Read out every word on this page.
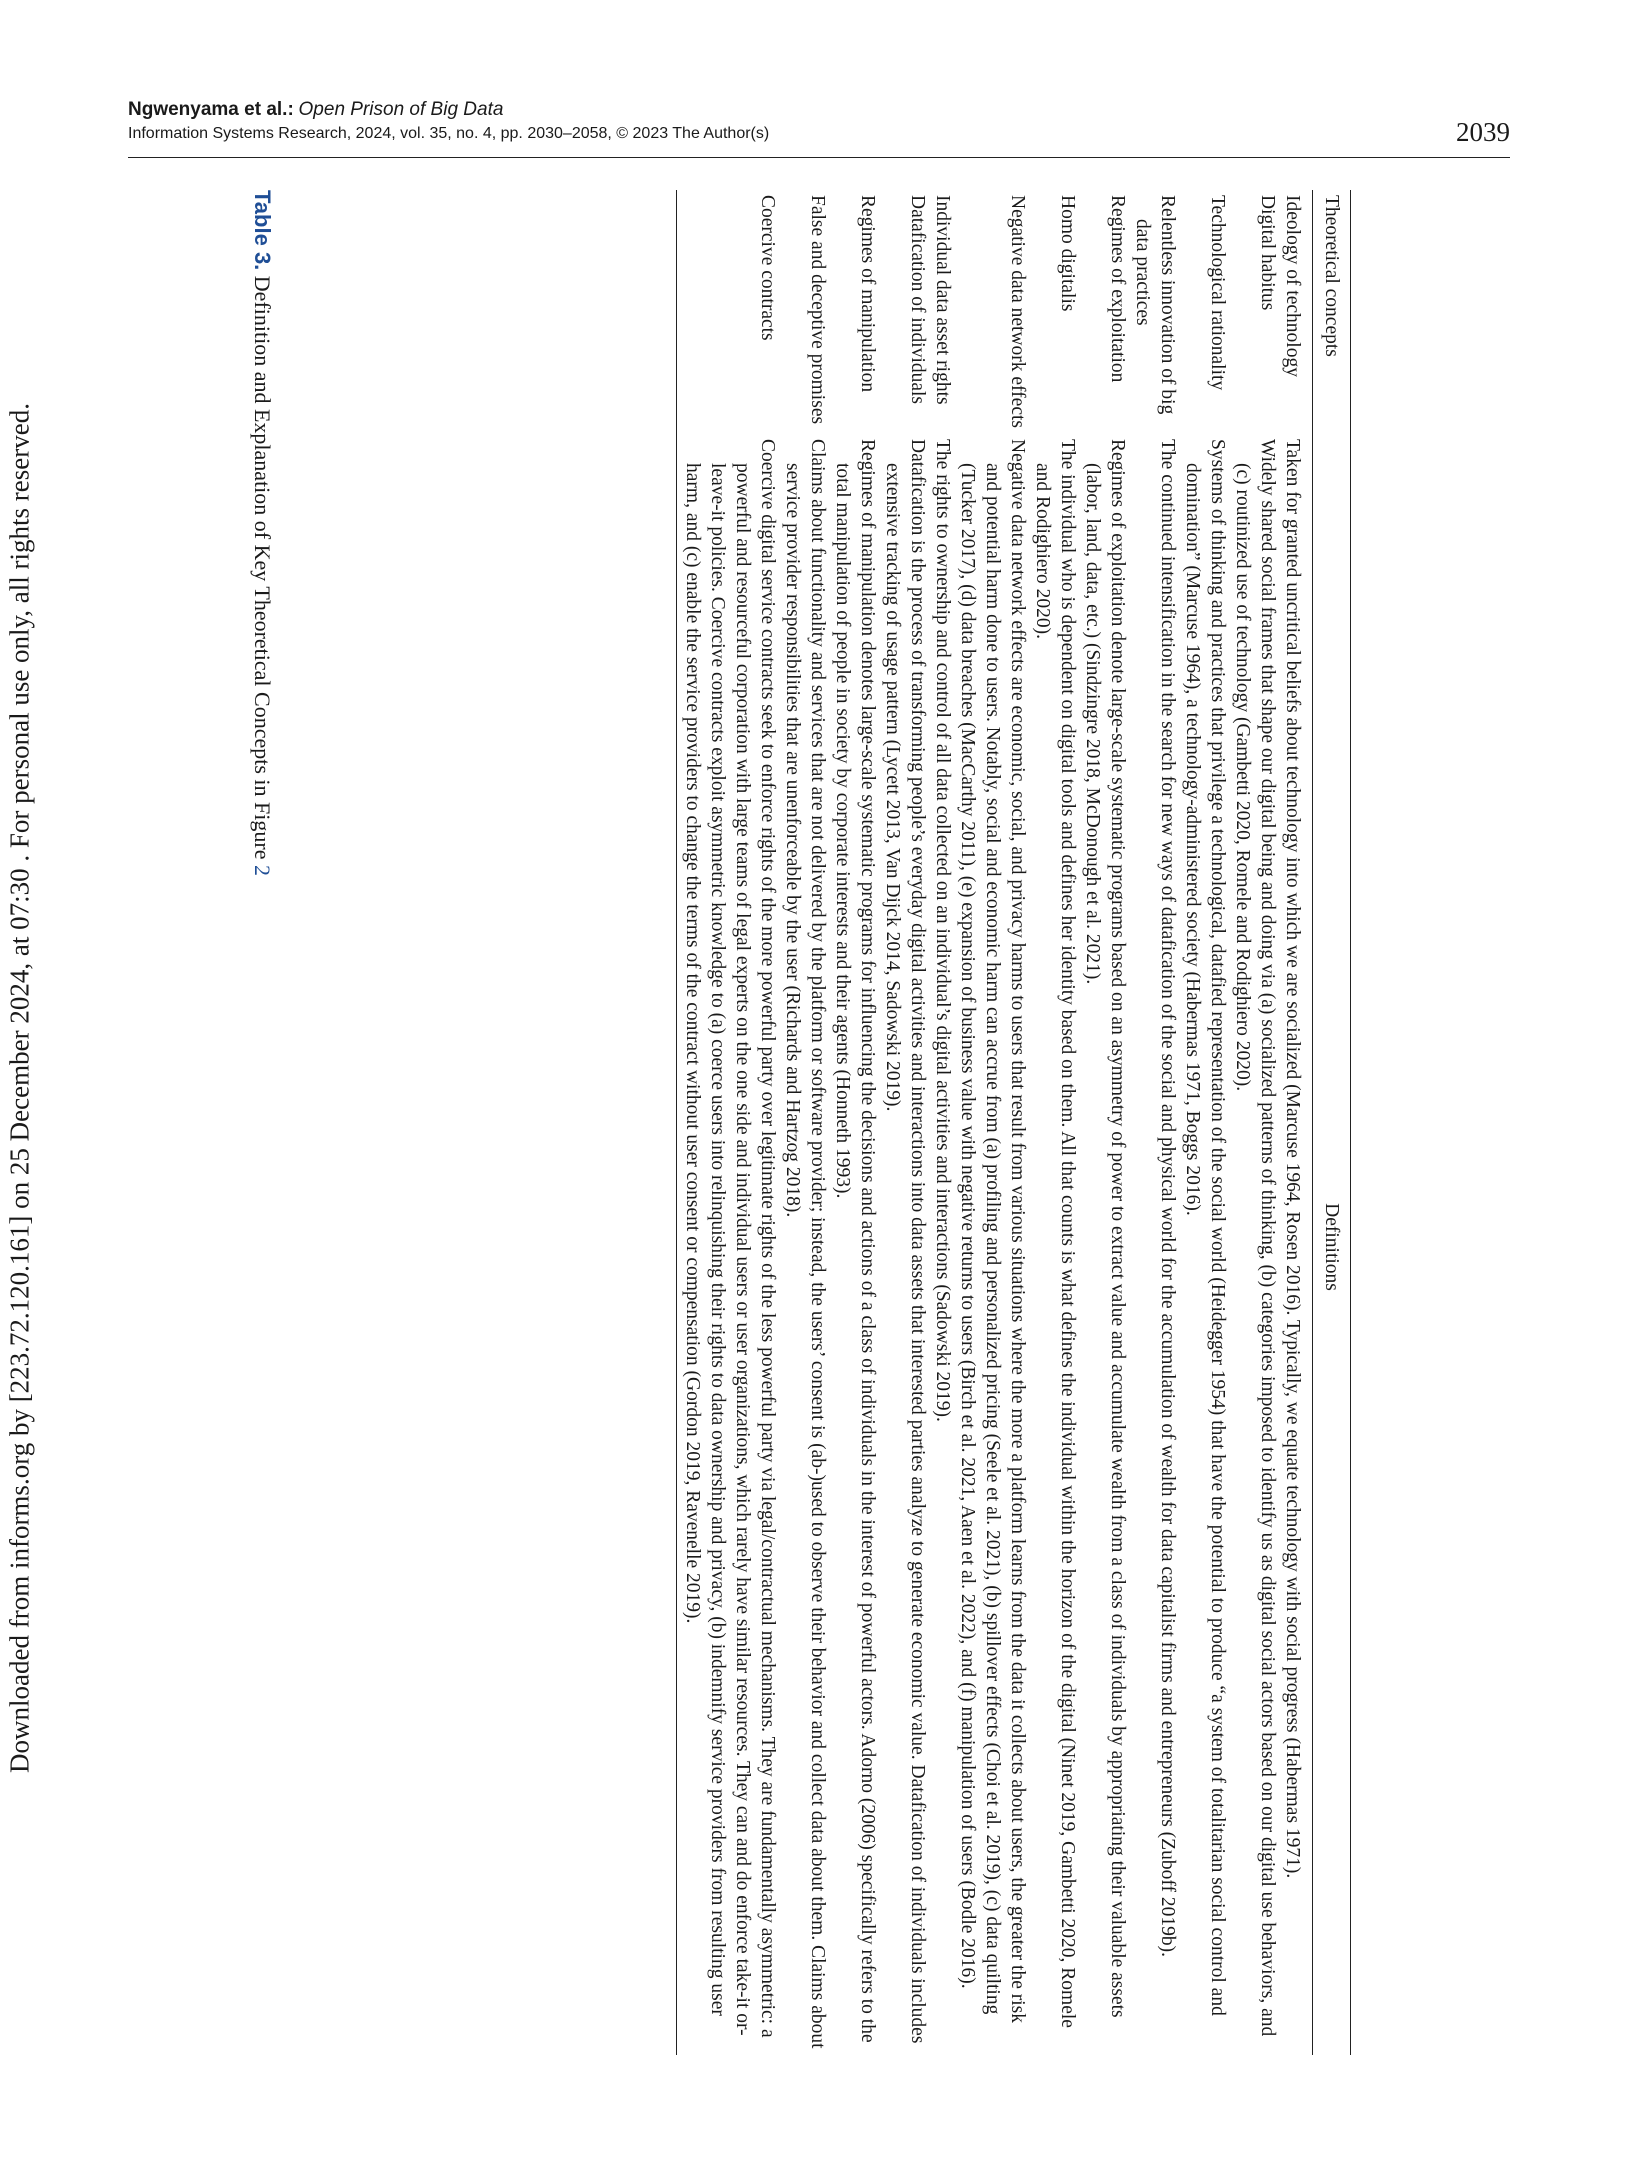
Ngwenyama et al.: Open Prison of Big Data
Information Systems Research, 2024, vol. 35, no. 4, pp. 2030–2058, © 2023 The Author(s)	2039
Downloaded from informs.org by [223.72.120.161] on 25 December 2024, at 07:30 . For personal use only, all rights reserved.
Table 3. Definition and Explanation of Key Theoretical Concepts in Figure 2
Theoretical concepts	Definitions

Ideology of technology	Taken for granted uncritical beliefs about technology into which we are socialized (Marcuse 1964, Rosen 2016). Typically, we equate technology with social progress (Habermas 1971).

Digital habitus	Widely shared social frames that shape our digital being and doing via (a) socialized patterns of thinking, (b) categories imposed to identify us as digital social actors based on our digital use behaviors, and (c) routinized use of technology (Gambetti 2020, Romele and Rodighiero 2020).

Technological rationality	Systems of thinking and practices that privilege a technological, datafied representation of the social world (Heidegger 1954) that have the potential to produce “a system of totalitarian social control and domination” (Marcuse 1964), a technology-administered society (Habermas 1971, Boggs 2016).

Relentless innovation of big data practices	The continued intensification in the search for new ways of datafication of the social and physical world for the accumulation of wealth for data capitalist firms and entrepreneurs (Zuboff 2019b).

Regimes of exploitation	Regimes of exploitation denote large-scale systematic programs based on an asymmetry of power to extract value and accumulate wealth from a class of individuals by appropriating their valuable assets (labor, land, data, etc.) (Sindzingre 2018, McDonough et al. 2021).

Homo digitalis	The individual who is dependent on digital tools and defines her identity based on them. All that counts is what defines the individual within the horizon of the digital (Ninet 2019, Gambetti 2020, Romele and Rodighiero 2020).

Negative data network effects	Negative data network effects are economic, social, and privacy harms to users that result from various situations where the more a platform learns from the data it collects about users, the greater the risk and potential harm done to users. Notably, social and economic harm can accrue from (a) profiling and personalized pricing (Seele et al. 2021), (b) spillover effects (Choi et al. 2019), (c) data quilting (Tucker 2017), (d) data breaches (MacCarthy 2011), (e) expansion of business value with negative returns to users (Birch et al. 2021, Aaen et al. 2022), and (f) manipulation of users (Bodle 2016).

Individual data asset rights	The rights to ownership and control of all data collected on an individual’s digital activities and interactions (Sadowski 2019).

Datafication of individuals	Datafication is the process of transforming people’s everyday digital activities and interactions into data assets that interested parties analyze to generate economic value. Datafication of individuals includes extensive tracking of usage pattern (Lycett 2013, Van Dijck 2014, Sadowski 2019).

Regimes of manipulation	Regimes of manipulation denotes large-scale systematic programs for influencing the decisions and actions of a class of individuals in the interest of powerful actors. Adorno (2006) specifically refers to the total manipulation of people in society by corporate interests and their agents (Honneth 1993).

False and deceptive promises	Claims about functionality and services that are not delivered by the platform or software provider; instead, the users’ consent is (ab-)used to observe their behavior and collect data about them. Claims about service provider responsibilities that are unenforceable by the user (Richards and Hartzog 2018).

Coercive contracts	Coercive digital service contracts seek to enforce rights of the more powerful party over legitimate rights of the less powerful party via legal/contractual mechanisms. They are fundamentally asymmetric: a powerful and resourceful corporation with large teams of legal experts on the one side and individual users or user organizations, which rarely have similar resources. They can and do enforce take-it or-leave-it policies. Coercive contracts exploit asymmetric knowledge to (a) coerce users into relinquishing their rights to data ownership and privacy, (b) indemnify service providers from resulting user harm, and (c) enable the service providers to change the terms of the contract without user consent or compensation (Gordon 2019, Ravenelle 2019).
